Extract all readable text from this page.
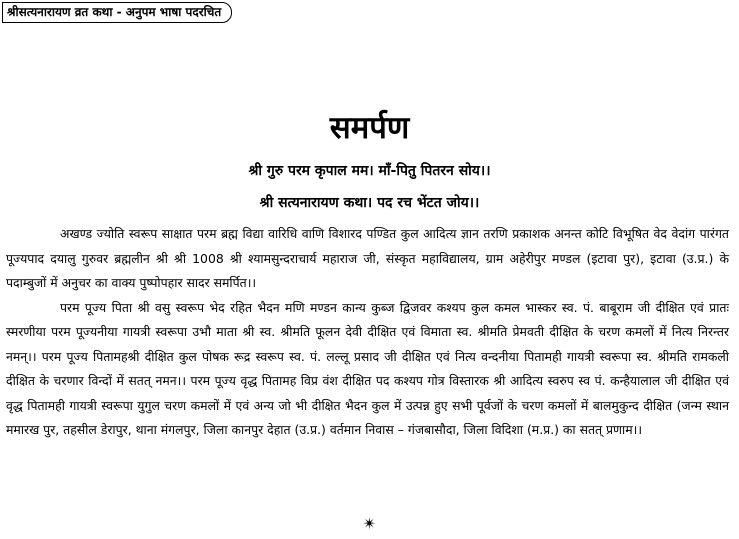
श्रीसत्यनारायण व्रत कथा - अनुपम भाषा पदरचित
समर्पण
श्री गुरु परम कृपाल मम। माँ-पितु पितरन सोय।।
श्री सत्यनारायण कथा। पद रच भेंटत जोय।।

अखण्ड ज्योति स्वरूप साक्षात परम ब्रह्म विद्या वारिधि वाणि विशारद पण्डित कुल आदित्य ज्ञान तरणि प्रकाशक अनन्त कोटि विभूषित वेद वेदांग पारंगत पूज्यपाद दयालु गुरुवर ब्रह्मलीन श्री श्री 1008 श्री श्यामसुन्दराचार्य महाराज जी, संस्कृत महाविद्यालय, ग्राम अहेरीपुर मण्डल (इटावा पुर), इटावा (उ.प्र.) के पदाम्बुजों में अनुचर का वाक्य पुष्पोपहार सादर समर्पित।।

परम पूज्य पिता श्री वसु स्वरूप भेद रहित भैदन मणि मण्डन कान्य कुब्ज द्विजवर कश्यप कुल कमल भास्कर स्व. पं. बाबूराम जी दीक्षित एवं प्रातः स्मरणीया परम पूज्यनीया गायत्री स्वरूपा उभौ माता श्री स्व. श्रीमति फूलन देवी दीक्षित एवं विमाता स्व. श्रीमति प्रेमवती दीक्षित के चरण कमलों में नित्य निरन्तर नमन्।। परम पूज्य पितामहश्री दीक्षित कुल पोषक रूद्र स्वरूप स्व. पं. लल्लू प्रसाद जी दीक्षित एवं नित्य वन्दनीया पितामही गायत्री स्वरूपा स्व. श्रीमति रामकली दीक्षित के चरणार विन्दों में सतत् नमन।। परम पूज्य वृद्ध पितामह विप्र वंश दीक्षित पद कश्यप गोत्र विस्तारक श्री आदित्य स्वरुप स्व पं. कन्हैयालाल जी दीक्षित एवं वृद्ध पितामही गायत्री स्वरूपा युगुल चरण कमलों में एवं अन्य जो भी दीक्षित भैदन कुल में उत्पन्न हुए सभी पूर्वजों के चरण कमलों में बालमुकुन्द दीक्षित (जन्म स्थान ममारख पुर, तहसील डेरापुर, थाना मंगलपुर, जिला कानपुर देहात (उ.प्र.) वर्तमान निवास – गंजबासौदा, जिला विदिशा (म.प्र.) का सतत् प्रणाम।।

✴
